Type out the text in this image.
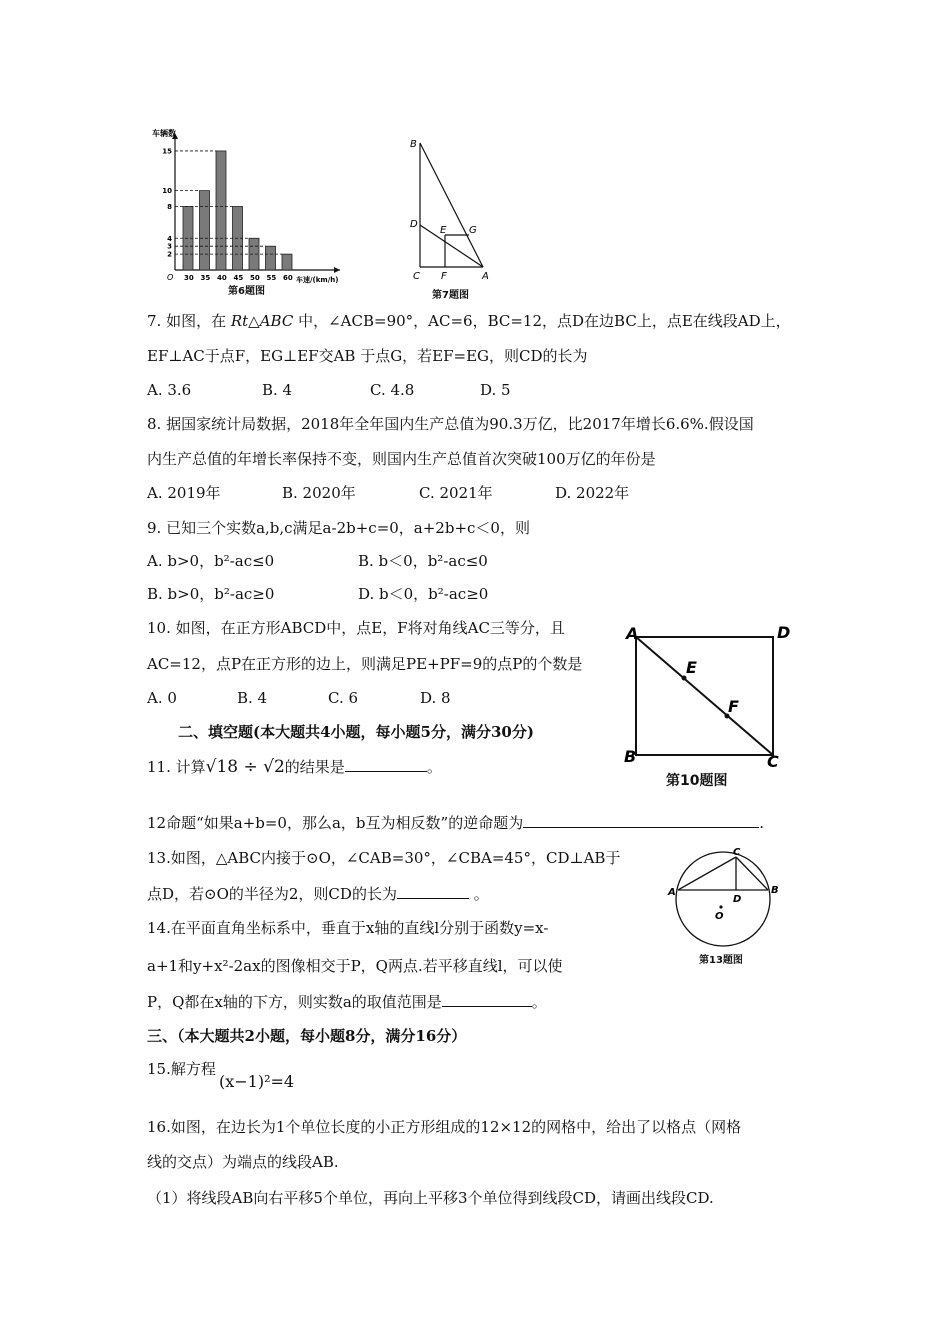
车辆数
O	车速/(km/h)
30 35 40 45 50 55 60
2
3
4
8
10
15
第6题图
B
D
E G
C F	A
第7题图
7. 如图，在 Rt△ABC 中，∠ACB=90°，AC=6，BC=12，点D在边BC上，点E在线段AD上，
EF⊥AC于点F，EG⊥EF交AB 于点G，若EF=EG，则CD的长为
A. 3.6	B. 4	C. 4.8	D. 5
8. 据国家统计局数据，2018年全年国内生产总值为90.3万亿，比2017年增长6.6%.假设国
内生产总值的年增长率保持不变，则国内生产总值首次突破100万亿的年份是
A. 2019年	B. 2020年	C. 2021年	D. 2022年
9. 已知三个实数a,b,c满足a-2b+c=0，a+2b+c＜0，则
A. b>0，b²-ac≤0	B. b＜0，b²-ac≤0
B. b>0，b²-ac≥0	D. b＜0，b²-ac≥0
10. 如图，在正方形ABCD中，点E，F将对角线AC三等分，且
AC=12，点P在正方形的边上，则满足PE+PF=9的点P的个数是
A. 0	B. 4	C. 6	D. 8
A	D
E
F
B	C
第10题图
二、填空题(本大题共4小题，每小题5分，满分30分)
11. 计算√18 ÷ √2的结果是	。
12命题“如果a+b=0，那么a，b互为相反数”的逆命题为	.
13.如图，△ABC内接于⊙O，∠CAB=30°，∠CBA=45°，CD⊥AB于
点D，若⊙O的半径为2，则CD的长为	。
C
A
D
B
O
第13题图
14.在平面直角坐标系中，垂直于x轴的直线l分别于函数y=x-
a+1和y+x²-2ax的图像相交于P，Q两点.若平移直线l，可以使
P，Q都在x轴的下方，则实数a的取值范围是	。
三、（本大题共2小题，每小题8分，满分16分）
15.解方程
(x−1)²=4
16.如图，在边长为1个单位长度的小正方形组成的12×12的网格中，给出了以格点（网格
线的交点）为端点的线段AB.
（1）将线段AB向右平移5个单位，再向上平移3个单位得到线段CD，请画出线段CD.
